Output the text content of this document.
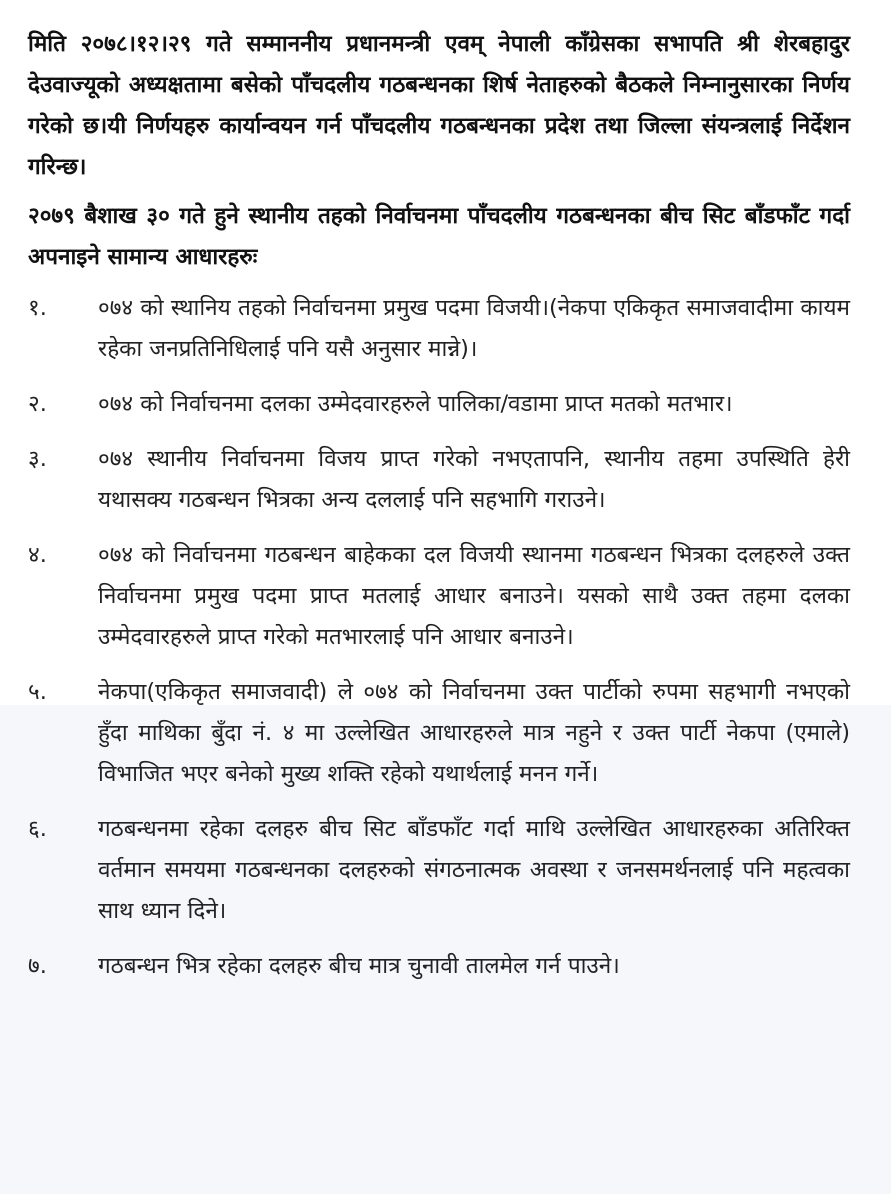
मिति २०७८।१२।२९ गते सम्माननीय प्रधानमन्त्री एवम् नेपाली काँग्रेसका सभापति श्री शेरबहादुर देउवाज्यूको अध्यक्षतामा बसेको पाँचदलीय गठबन्धनका शिर्ष नेताहरुको बैठकले निम्नानुसारका निर्णय गरेको छ।यी निर्णयहरु कार्यान्वयन गर्न पाँचदलीय गठबन्धनका प्रदेश तथा जिल्ला संयन्त्रलाई निर्देशन गरिन्छ।

२०७९ बैशाख ३० गते हुने स्थानीय तहको निर्वाचनमा पाँचदलीय गठबन्धनका बीच सिट बाँडफाँट गर्दा अपनाइने सामान्य आधारहरुः

१.	०७४ को स्थानिय तहको निर्वाचनमा प्रमुख पदमा विजयी।(नेकपा एकिकृत समाजवादीमा कायम रहेका जनप्रतिनिधिलाई पनि यसै अनुसार मान्ने)।
२.	०७४ को निर्वाचनमा दलका उम्मेदवारहरुले पालिका/वडामा प्राप्त मतको मतभार।
३.	०७४ स्थानीय निर्वाचनमा विजय प्राप्त गरेको नभएतापनि, स्थानीय तहमा उपस्थिति हेरी यथासक्य गठबन्धन भित्रका अन्य दललाई पनि सहभागि गराउने।
४.	०७४ को निर्वाचनमा गठबन्धन बाहेकका दल विजयी स्थानमा गठबन्धन भित्रका दलहरुले उक्त निर्वाचनमा प्रमुख पदमा प्राप्त मतलाई आधार बनाउने। यसको साथै उक्त तहमा दलका उम्मेदवारहरुले प्राप्त गरेको मतभारलाई पनि आधार बनाउने।
५.	नेकपा(एकिकृत समाजवादी) ले ०७४ को निर्वाचनमा उक्त पार्टीको रुपमा सहभागी नभएको हुँदा माथिका बुँदा नं. ४ मा उल्लेखित आधारहरुले मात्र नहुने र उक्त पार्टी नेकपा (एमाले) विभाजित भएर बनेको मुख्य शक्ति रहेको यथार्थलाई मनन गर्ने।
६.	गठबन्धनमा रहेका दलहरु बीच सिट बाँडफाँट गर्दा माथि उल्लेखित आधारहरुका अतिरिक्त वर्तमान समयमा गठबन्धनका दलहरुको संगठनात्मक अवस्था र जनसमर्थनलाई पनि महत्वका साथ ध्यान दिने।
७.	गठबन्धन भित्र रहेका दलहरु बीच मात्र चुनावी तालमेल गर्न पाउने।
